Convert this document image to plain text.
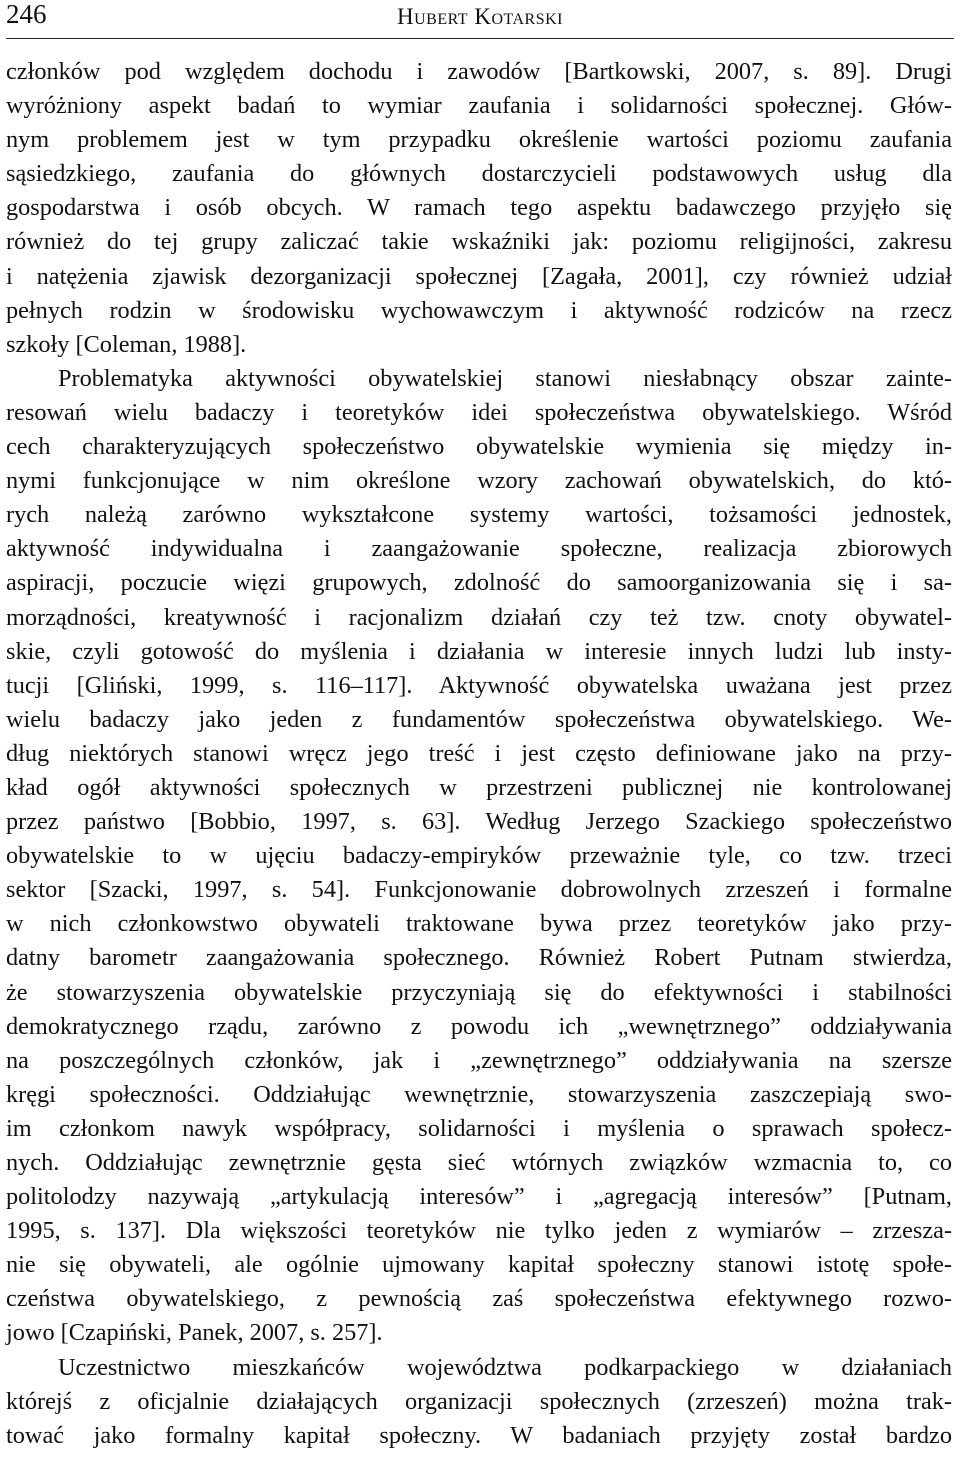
246	Hubert Kotarski
członków pod względem dochodu i zawodów [Bartkowski, 2007, s. 89]. Drugi
wyróżniony aspekt badań to wymiar zaufania i solidarności społecznej. Głów-
nym problemem jest w tym przypadku określenie wartości poziomu zaufania
sąsiedzkiego, zaufania do głównych dostarczycieli podstawowych usług dla
gospodarstwa i osób obcych. W ramach tego aspektu badawczego przyjęło się
również do tej grupy zaliczać takie wskaźniki jak: poziomu religijności, zakresu
i natężenia zjawisk dezorganizacji społecznej [Zagała, 2001], czy również udział
pełnych rodzin w środowisku wychowawczym i aktywność rodziców na rzecz
szkoły [Coleman, 1988].
Problematyka aktywności obywatelskiej stanowi niesłabnący obszar zainte-
resowań wielu badaczy i teoretyków idei społeczeństwa obywatelskiego. Wśród
cech charakteryzujących społeczeństwo obywatelskie wymienia się między in-
nymi funkcjonujące w nim określone wzory zachowań obywatelskich, do któ-
rych należą zarówno wykształcone systemy wartości, tożsamości jednostek,
aktywność indywidualna i zaangażowanie społeczne, realizacja zbiorowych
aspiracji, poczucie więzi grupowych, zdolność do samoorganizowania się i sa-
morządności, kreatywność i racjonalizm działań czy też tzw. cnoty obywatel-
skie, czyli gotowość do myślenia i działania w interesie innych ludzi lub insty-
tucji [Gliński, 1999, s. 116–117]. Aktywność obywatelska uważana jest przez
wielu badaczy jako jeden z fundamentów społeczeństwa obywatelskiego. We-
dług niektórych stanowi wręcz jego treść i jest często definiowane jako na przy-
kład ogół aktywności społecznych w przestrzeni publicznej nie kontrolowanej
przez państwo [Bobbio, 1997, s. 63]. Według Jerzego Szackiego społeczeństwo
obywatelskie to w ujęciu badaczy-empiryków przeważnie tyle, co tzw. trzeci
sektor [Szacki, 1997, s. 54]. Funkcjonowanie dobrowolnych zrzeszeń i formalne
w nich członkowstwo obywateli traktowane bywa przez teoretyków jako przy-
datny barometr zaangażowania społecznego. Również Robert Putnam stwierdza,
że stowarzyszenia obywatelskie przyczyniają się do efektywności i stabilności
demokratycznego rządu, zarówno z powodu ich „wewnętrznego” oddziaływania
na poszczególnych członków, jak i „zewnętrznego” oddziaływania na szersze
kręgi społeczności. Oddziałując wewnętrznie, stowarzyszenia zaszczepiają swo-
im członkom nawyk współpracy, solidarności i myślenia o sprawach społecz-
nych. Oddziałując zewnętrznie gęsta sieć wtórnych związków wzmacnia to, co
politolodzy nazywają „artykulacją interesów” i „agregacją interesów” [Putnam,
1995, s. 137]. Dla większości teoretyków nie tylko jeden z wymiarów – zrzesza-
nie się obywateli, ale ogólnie ujmowany kapitał społeczny stanowi istotę społe-
czeństwa obywatelskiego, z pewnością zaś społeczeństwa efektywnego rozwo-
jowo [Czapiński, Panek, 2007, s. 257].
Uczestnictwo mieszkańców województwa podkarpackiego w działaniach
którejś z oficjalnie działających organizacji społecznych (zrzeszeń) można trak-
tować jako formalny kapitał społeczny. W badaniach przyjęty został bardzo
